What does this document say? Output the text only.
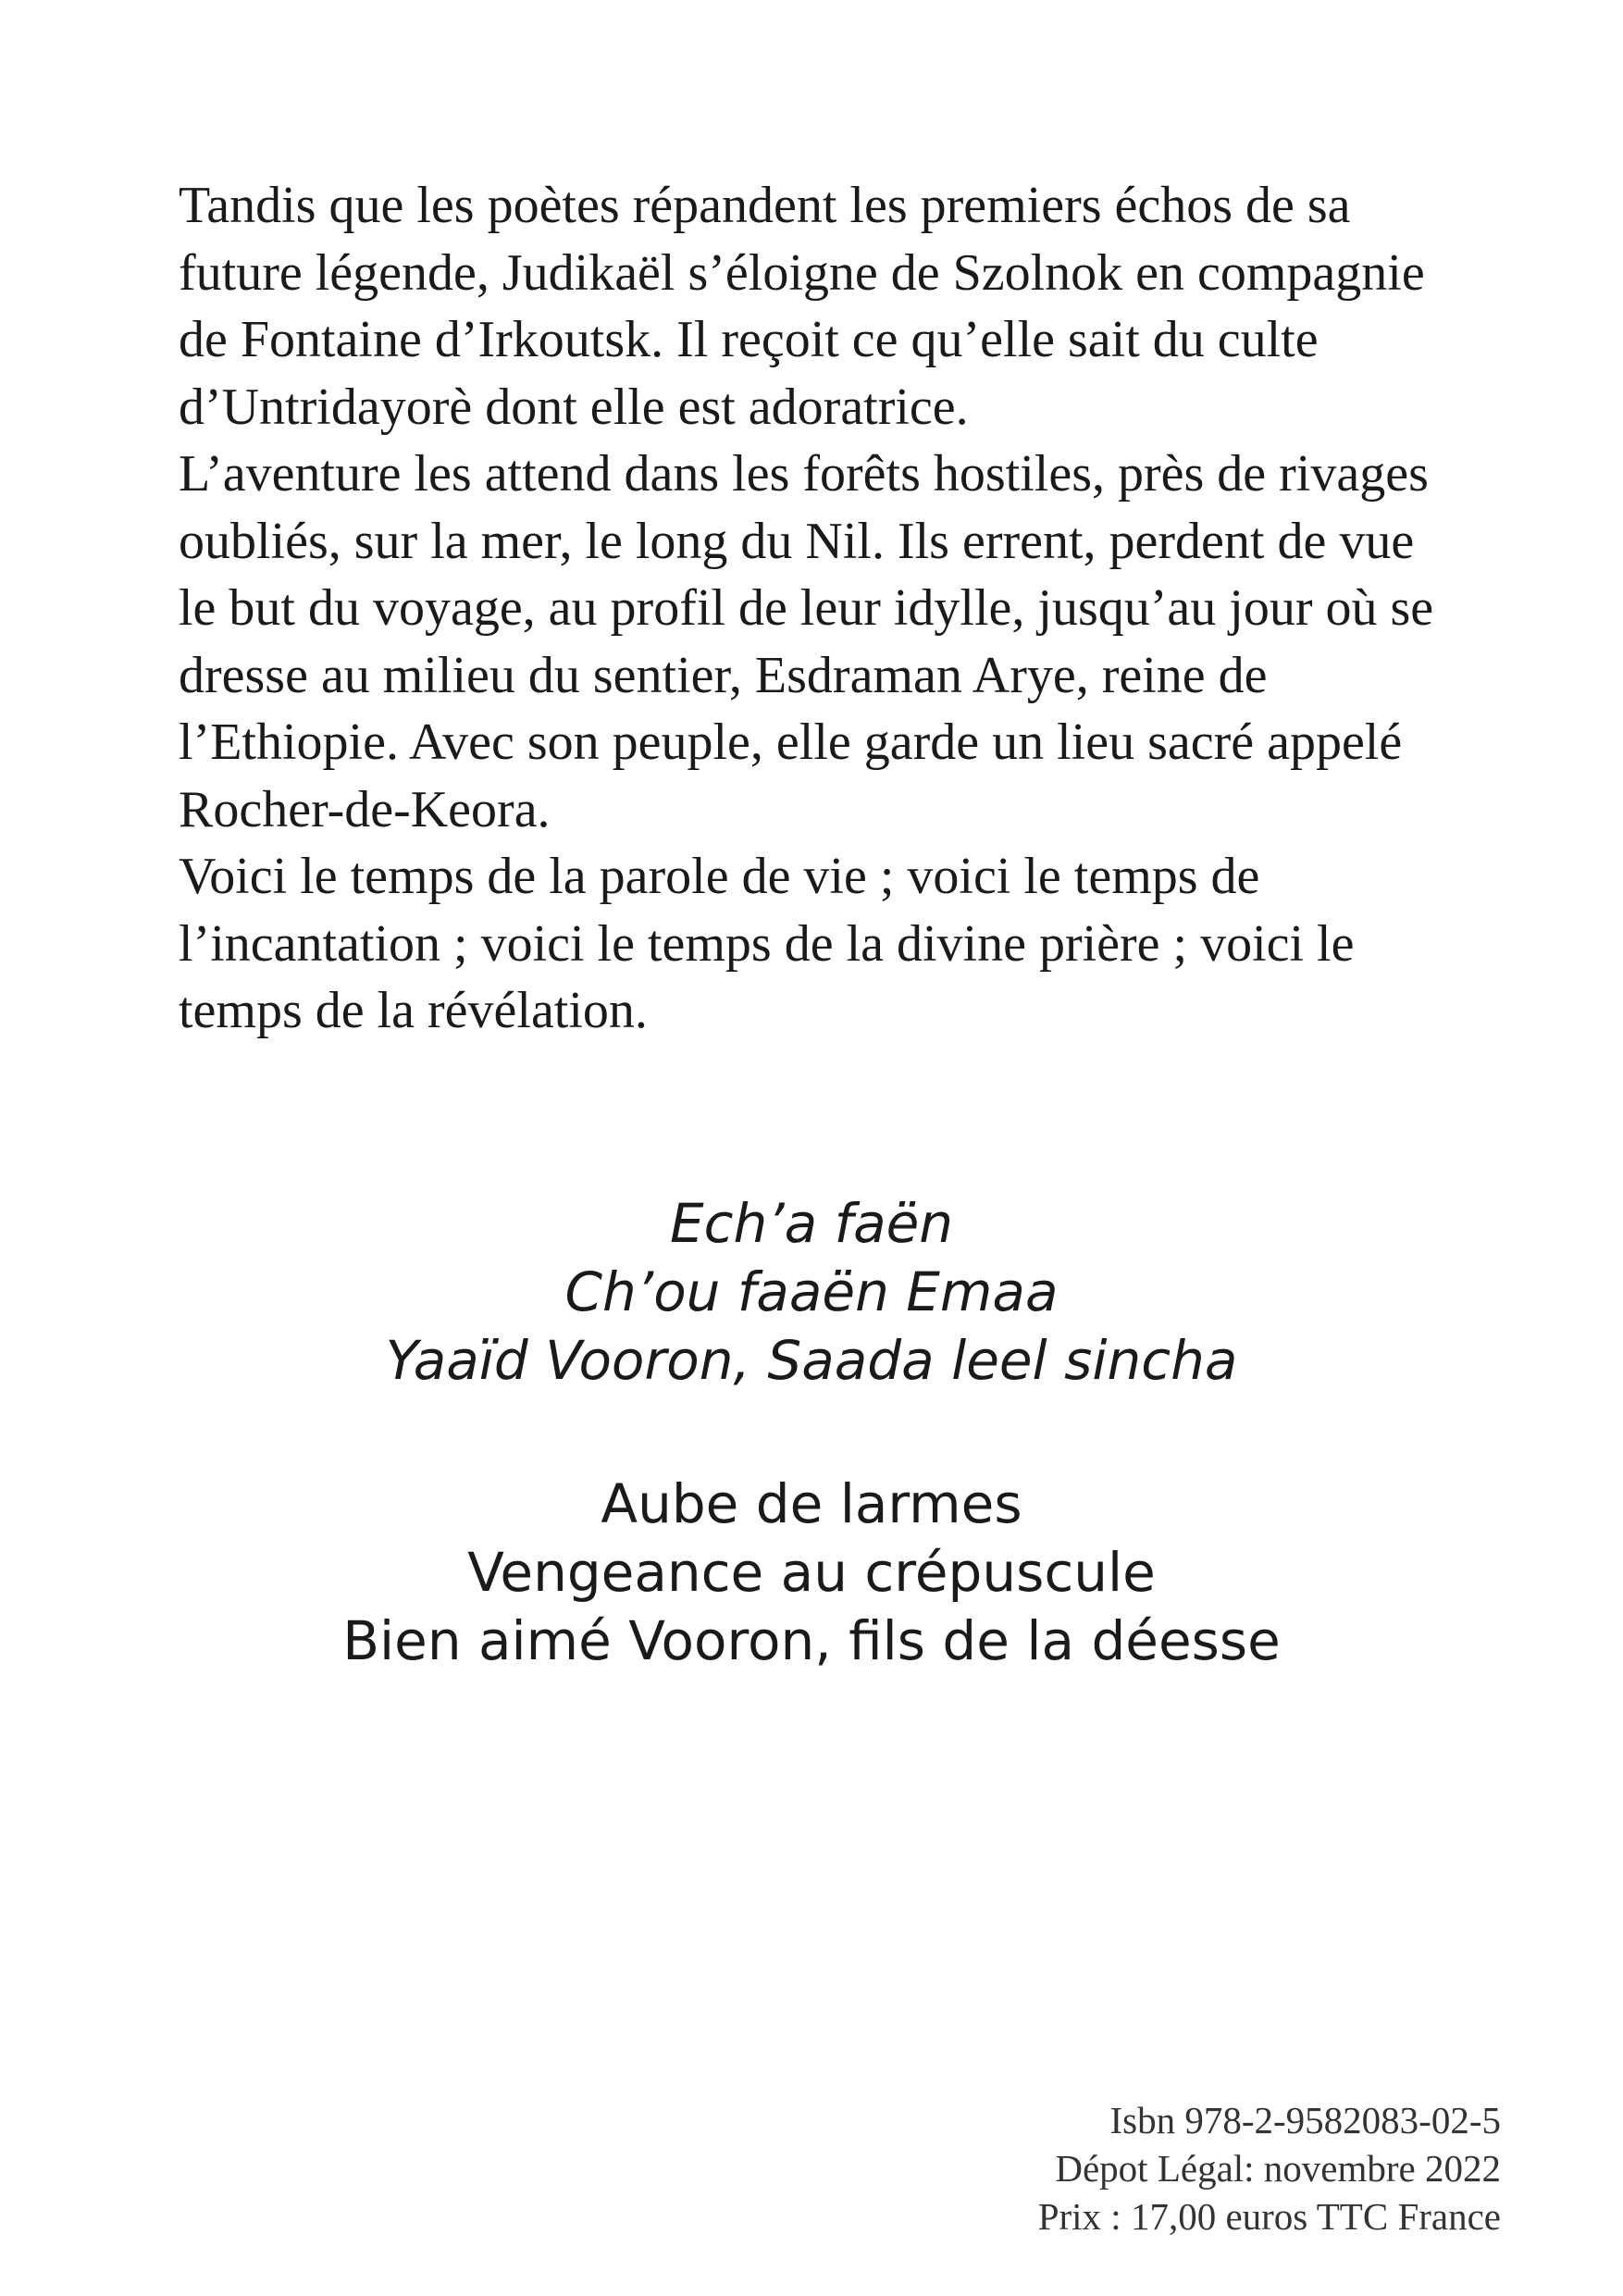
Tandis que les poètes répandent les premiers échos de sa
future légende, Judikaël s’éloigne de Szolnok en compagnie
de Fontaine d’Irkoutsk. Il reçoit ce qu’elle sait du culte
d’Untridayorè dont elle est adoratrice.
L’aventure les attend dans les forêts hostiles, près de rivages
oubliés, sur la mer, le long du Nil. Ils errent, perdent de vue
le but du voyage, au profil de leur idylle, jusqu’au jour où se
dresse au milieu du sentier, Esdraman Arye, reine de
l’Ethiopie. Avec son peuple, elle garde un lieu sacré appelé
Rocher-de-Keora.
Voici le temps de la parole de vie ; voici le temps de
l’incantation ; voici le temps de la divine prière ; voici le
temps de la révélation.
Ech’a faën
Ch’ou faaën Emaa
Yaaïd Vooron, Saada leel sincha
Aube de larmes
Vengeance au crépuscule
Bien aimé Vooron, fils de la déesse
Isbn 978-2-9582083-02-5
Dépot Légal: novembre 2022
Prix : 17,00 euros TTC France
